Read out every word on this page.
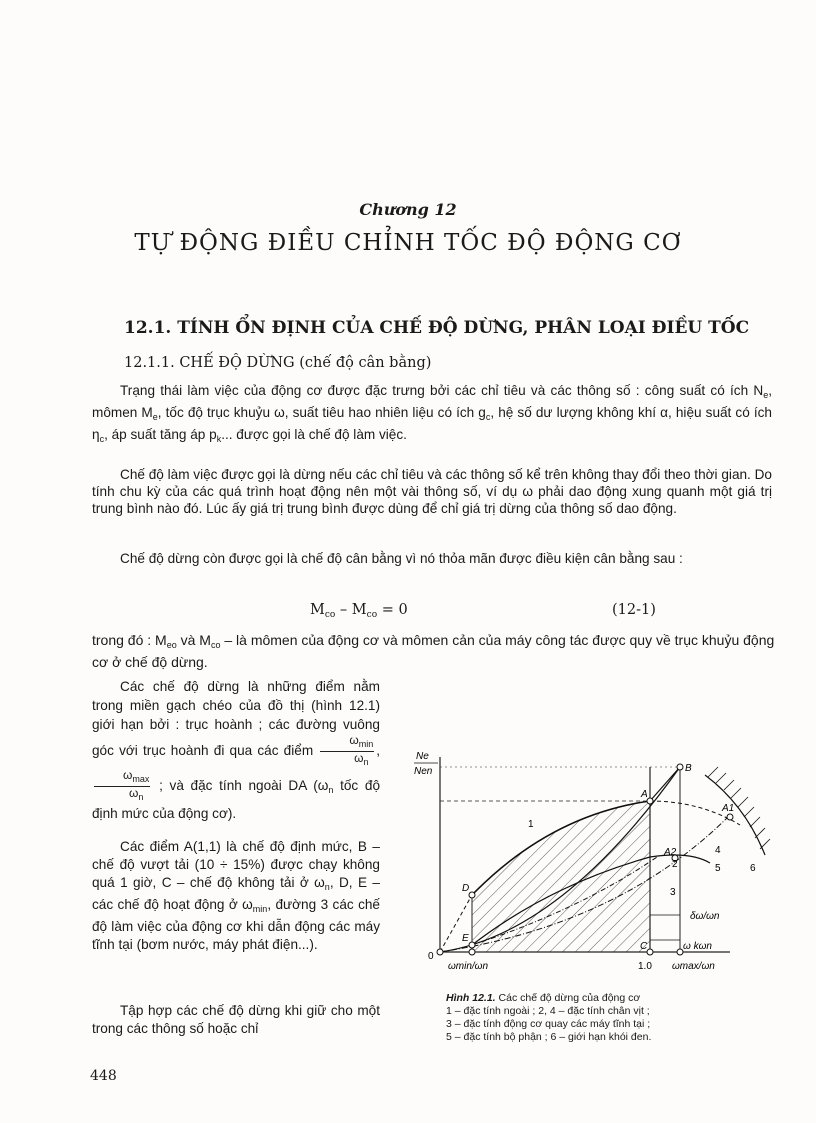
Chương 12
TỰ ĐỘNG ĐIỀU CHỈNH TỐC ĐỘ ĐỘNG CƠ
12.1. TÍNH ỔN ĐỊNH CỦA CHẾ ĐỘ DỪNG, PHÂN LOẠI ĐIỀU TỐC
12.1.1. CHẾ ĐỘ DỪNG (chế độ cân bằng)
Trạng thái làm việc của động cơ được đặc trưng bởi các chỉ tiêu và các thông số : công suất có ích $N_e$, mômen $M_e$, tốc độ trục khuỷu ω, suất tiêu hao nhiên liệu có ích $g_c$, hệ số dư lượng không khí α, hiệu suất có ích $\eta_c$, áp suất tăng áp $p_k$... được gọi là chế độ làm việc.
Chế độ làm việc được gọi là dừng nếu các chỉ tiêu và các thông số kể trên không thay đổi theo thời gian. Do tính chu kỳ của các quá trình hoạt động nên một vài thông số, ví dụ ω phải dao động xung quanh một giá trị trung bình nào đó. Lúc ấy giá trị trung bình được dùng để chỉ giá trị dừng của thông số dao động.
Chế độ dừng còn được gọi là chế độ cân bằng vì nó thỏa mãn được điều kiện cân bằng sau :
$M_{co} - M_{co} = 0$	(12-1)
trong đó : $M_{eo}$ và $M_{co}$ – là mômen của động cơ và mômen cản của máy công tác được quy về trục khuỷu động cơ ở chế độ dừng.
Các chế độ dừng là những điểm nằm trong miền gạch chéo của đồ thị (hình 12.1) giới hạn bởi : trục hoành ; các đường vuông góc với trục hoành đi qua các điểm $\frac{\omega_{min}}{\omega_n}$ ,
$\frac{\omega_{max}}{\omega_n}$ ; và đặc tính ngoài DA ($\omega_n$ tốc độ định mức của động cơ).
Các điểm A(1,1) là chế độ định mức, B – chế độ vượt tải (10 ÷ 15%) được chạy không quá 1 giờ, C – chế độ không tải ở $\omega_n$, D, E – các chế độ hoạt động ở $\omega_{min}$, đường 3 các chế độ làm việc của động cơ khi dẫn động các máy tĩnh tại (bơm nước, máy phát điện...).
Tập hợp các chế độ dừng khi giữ cho một trong các thông số hoặc chỉ
Ne
Nen
0
ωmin/ωn	1.0 ωmax/ωn
A
B
C
D
E
A1
A2
1
2
3
4
5	6
δω/ωn
ω kωn
Hình 12.1. Các chế độ dừng của động cơ
1 – đặc tính ngoài ; 2, 4 – đặc tính chân vịt ;
3 – đặc tính động cơ quay các máy tĩnh tại ;
5 – đặc tính bộ phận ; 6 – giới hạn khói đen.
448
